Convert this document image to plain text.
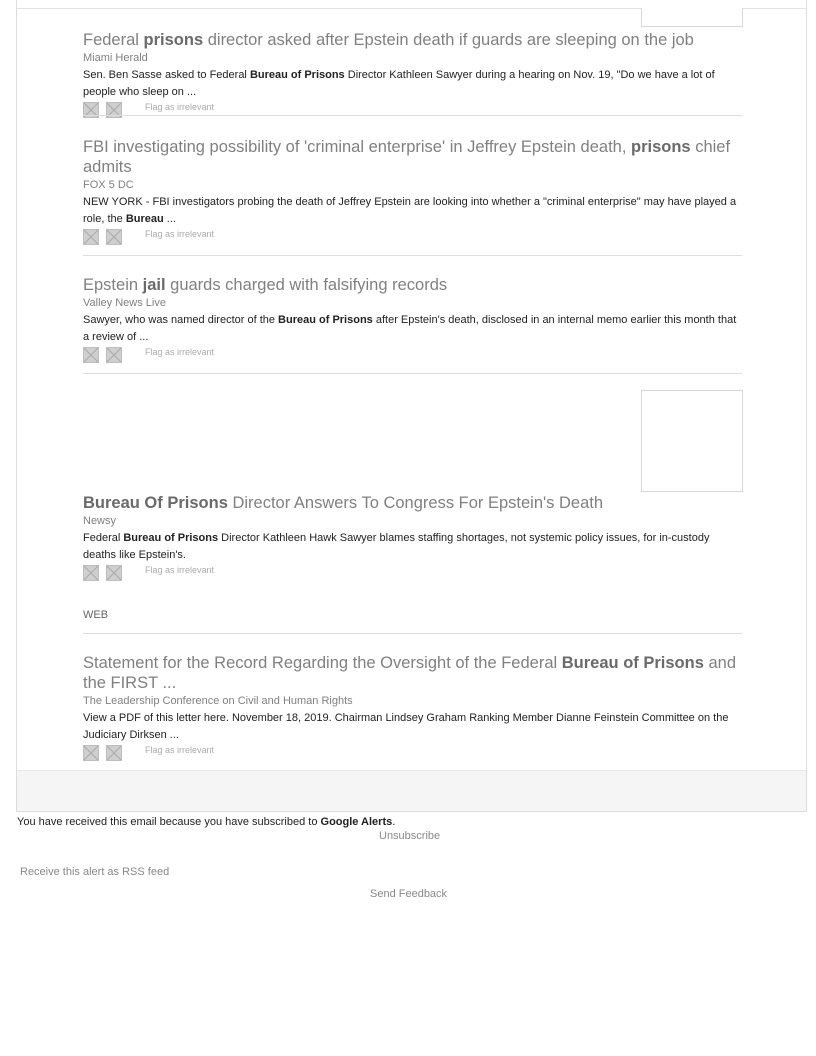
Federal prisons director asked after Epstein death if guards are sleeping on the job
Miami Herald
Sen. Ben Sasse asked to Federal Bureau of Prisons Director Kathleen Sawyer during a hearing on Nov. 19, "Do we have a lot of people who sleep on ...
Flag as irrelevant
FBI investigating possibility of 'criminal enterprise' in Jeffrey Epstein death, prisons chief admits
FOX 5 DC
NEW YORK - FBI investigators probing the death of Jeffrey Epstein are looking into whether a "criminal enterprise" may have played a role, the Bureau ...
Flag as irrelevant
Epstein jail guards charged with falsifying records
Valley News Live
Sawyer, who was named director of the Bureau of Prisons after Epstein's death, disclosed in an internal memo earlier this month that a review of ...
Flag as irrelevant
Bureau Of Prisons Director Answers To Congress For Epstein's Death
Newsy
Federal Bureau of Prisons Director Kathleen Hawk Sawyer blames staffing shortages, not systemic policy issues, for in-custody deaths like Epstein's.
Flag as irrelevant
WEB
Statement for the Record Regarding the Oversight of the Federal Bureau of Prisons and the FIRST ...
The Leadership Conference on Civil and Human Rights
View a PDF of this letter here. November 18, 2019. Chairman Lindsey Graham Ranking Member Dianne Feinstein Committee on the Judiciary Dirksen ...
Flag as irrelevant
You have received this email because you have subscribed to Google Alerts.
Unsubscribe
Receive this alert as RSS feed
Send Feedback
